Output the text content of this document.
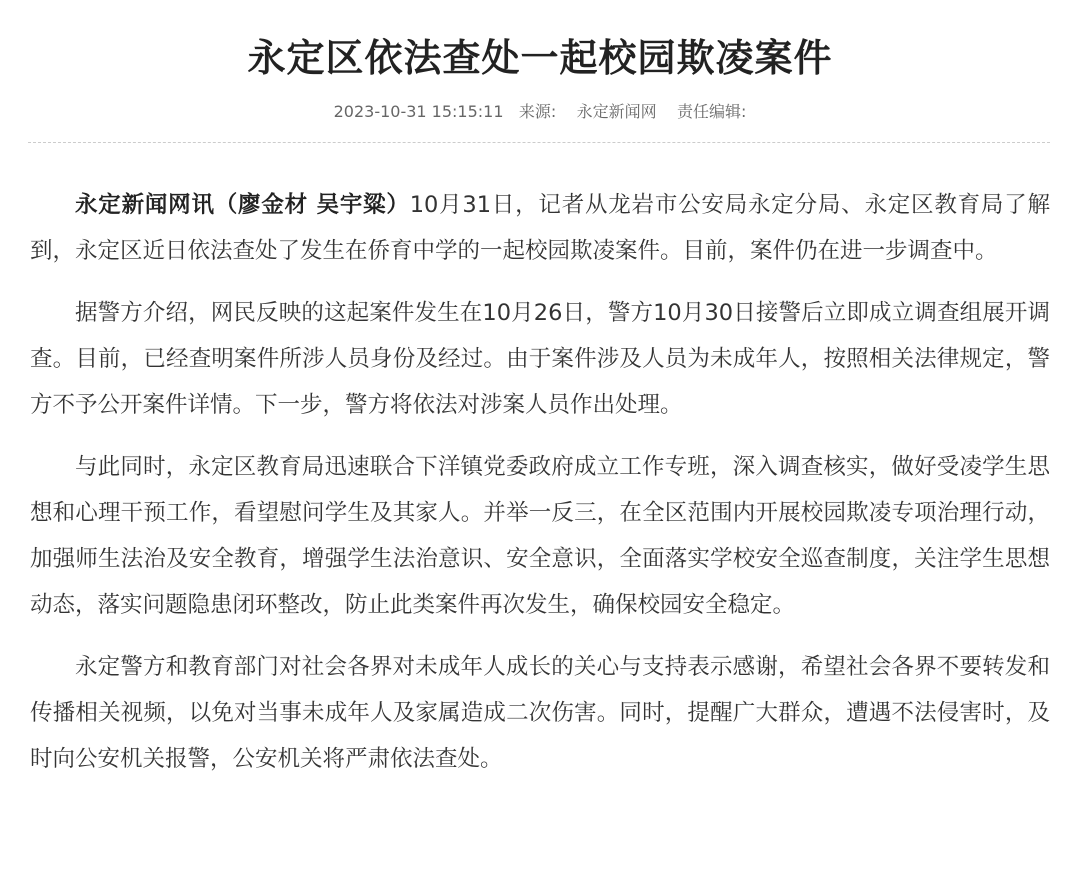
永定区依法查处一起校园欺凌案件
2023-10-31 15:15:11 来源: 永定新闻网 责任编辑:

永定新闻网讯（廖金材 吴宇粱）10月31日，记者从龙岩市公安局永定分局、永定区教育局了解到，永定区近日依法查处了发生在侨育中学的一起校园欺凌案件。目前，案件仍在进一步调查中。

据警方介绍，网民反映的这起案件发生在10月26日，警方10月30日接警后立即成立调查组展开调查。目前，已经查明案件所涉人员身份及经过。由于案件涉及人员为未成年人，按照相关法律规定，警方不予公开案件详情。下一步，警方将依法对涉案人员作出处理。

与此同时，永定区教育局迅速联合下洋镇党委政府成立工作专班，深入调查核实，做好受凌学生思想和心理干预工作，看望慰问学生及其家人。并举一反三，在全区范围内开展校园欺凌专项治理行动，加强师生法治及安全教育，增强学生法治意识、安全意识，全面落实学校安全巡查制度，关注学生思想动态，落实问题隐患闭环整改，防止此类案件再次发生，确保校园安全稳定。

永定警方和教育部门对社会各界对未成年人成长的关心与支持表示感谢，希望社会各界不要转发和传播相关视频，以免对当事未成年人及家属造成二次伤害。同时，提醒广大群众，遭遇不法侵害时，及时向公安机关报警，公安机关将严肃依法查处。
